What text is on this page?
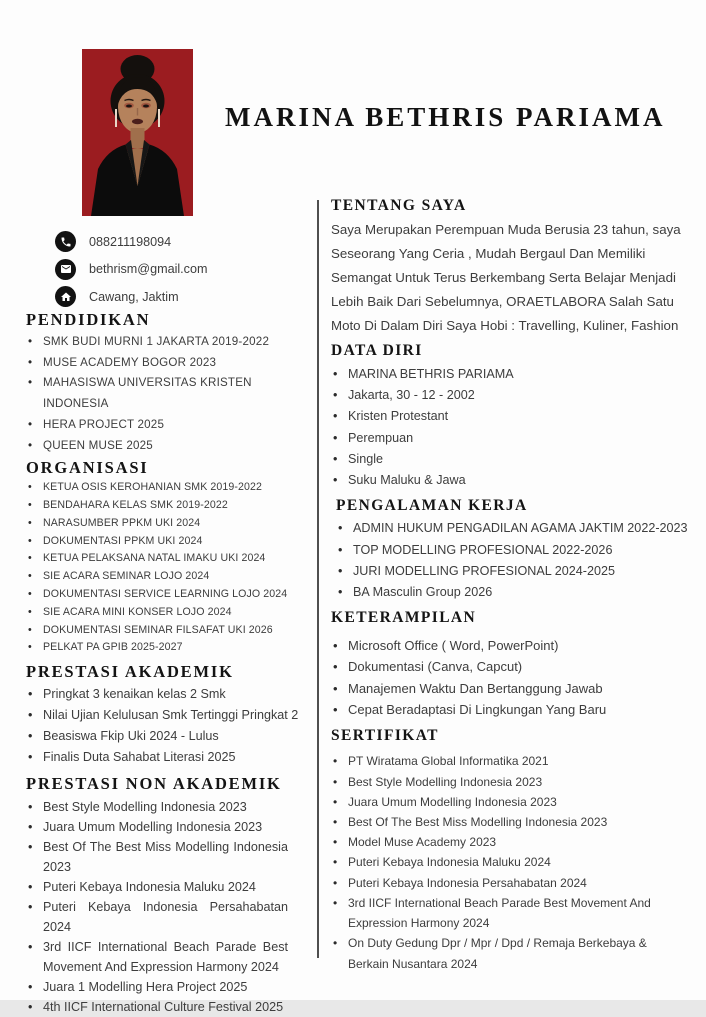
MARINA BETHRIS PARIAMA
088211198094
bethrism@gmail.com
Cawang, Jaktim
PENDIDIKAN
• SMK BUDI MURNI 1 JAKARTA 2019-2022
• MUSE ACADEMY BOGOR 2023
• MAHASISWA UNIVERSITAS KRISTEN INDONESIA
• HERA PROJECT 2025
• QUEEN MUSE 2025
ORGANISASI
• KETUA OSIS KEROHANIAN SMK 2019-2022
• BENDAHARA KELAS SMK 2019-2022
• NARASUMBER PPKM UKI 2024
• DOKUMENTASI PPKM UKI 2024
• KETUA PELAKSANA NATAL IMAKU UKI 2024
• SIE ACARA SEMINAR LOJO 2024
• DOKUMENTASI SERVICE LEARNING LOJO 2024
• SIE ACARA MINI KONSER LOJO 2024
• DOKUMENTASI SEMINAR FILSAFAT UKI 2026
• PELKAT PA GPIB 2025-2027
PRESTASI AKADEMIK
• Pringkat 3 kenaikan kelas 2 Smk
• Nilai Ujian Kelulusan Smk Tertinggi Pringkat 2
• Beasiswa Fkip Uki 2024 - Lulus
• Finalis Duta Sahabat Literasi 2025
PRESTASI NON AKADEMIK
• Best Style Modelling Indonesia 2023
• Juara Umum Modelling Indonesia 2023
• Best Of The Best Miss Modelling Indonesia 2023
• Puteri Kebaya Indonesia Maluku 2024
• Puteri Kebaya Indonesia Persahabatan 2024
• 3rd IICF International Beach Parade Best Movement And Expression Harmony 2024
• Juara 1 Modelling Hera Project 2025
• 4th IICF International Culture Festival 2025
TENTANG SAYA

Saya Merupakan Perempuan Muda Berusia 23 tahun, saya Seseorang Yang Ceria , Mudah Bergaul Dan Memiliki Semangat Untuk Terus Berkembang Serta Belajar Menjadi Lebih Baik Dari Sebelumnya, ORAETLABORA Salah Satu Moto Di Dalam Diri Saya Hobi : Travelling, Kuliner, Fashion

DATA DIRI
• MARINA BETHRIS PARIAMA
• Jakarta, 30 - 12 - 2002
• Kristen Protestant
• Perempuan
• Single
• Suku Maluku & Jawa
PENGALAMAN KERJA
• ADMIN HUKUM PENGADILAN AGAMA JAKTIM 2022-2023
• TOP MODELLING PROFESIONAL 2022-2026
• JURI MODELLING PROFESIONAL 2024-2025
• BA Masculin Group 2026
KETERAMPILAN
• Microsoft Office ( Word, PowerPoint)
• Dokumentasi (Canva, Capcut)
• Manajemen Waktu Dan Bertanggung Jawab
• Cepat Beradaptasi Di Lingkungan Yang Baru
SERTIFIKAT
• PT Wiratama Global Informatika 2021
• Best Style Modelling Indonesia 2023
• Juara Umum Modelling Indonesia 2023
• Best Of The Best Miss Modelling Indonesia 2023
• Model Muse Academy 2023
• Puteri Kebaya Indonesia Maluku 2024
• Puteri Kebaya Indonesia Persahabatan 2024
• 3rd IICF International Beach Parade Best Movement And Expression Harmony 2024
• On Duty Gedung Dpr / Mpr / Dpd / Remaja Berkebaya & Berkain Nusantara 2024
